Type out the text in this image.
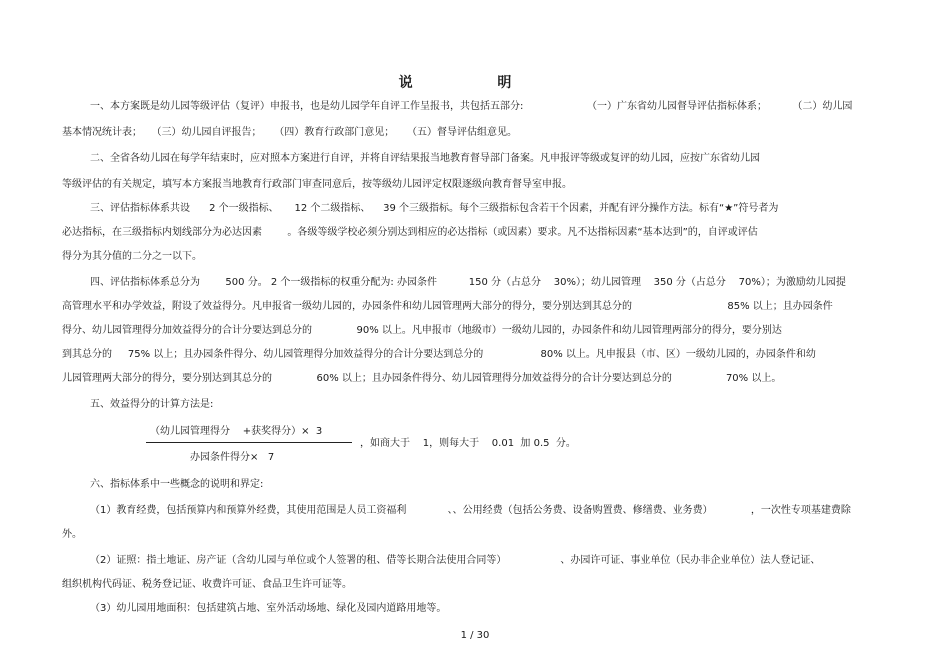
说 明
一、本方案既是幼儿园等级评估（复评）申报书，也是幼儿园学年自评工作呈报书，共包括五部分:                    （一）广东省幼儿园督导评估指标体系；        （二）幼儿园
基本情况统计表；   （三）幼儿园自评报告；    （四）教育行政部门意见；    （五）督导评估组意见。
二、全省各幼儿园在每学年结束时，应对照本方案进行自评，并将自评结果报当地教育督导部门备案。凡申报评等级或复评的幼儿园，应按广东省幼儿园
等级评估的有关规定，填写本方案报当地教育行政部门审查同意后，按等级幼儿园评定权限逐级向教育督导室申报。
三、评估指标体系共设      2 个一级指标、     12 个二级指标、    39 个三级指标。每个三级指标包含若干个因素，并配有评分操作方法。标有“★”符号者为
必达指标，在三级指标内划线部分为必达因素        。各级等级学校必须分别达到相应的必达指标（或因素）要求。凡不达指标因素“基本达到”的，自评或评估
得分为其分值的二分之一以下。
四、评估指标体系总分为        500 分。 2 个一级指标的权重分配为: 办园条件          150 分（占总分    30%）；幼儿园管理    350 分（占总分    70%）；为激励幼儿园提
高管理水平和办学效益，附设了效益得分。凡申报省一级幼儿园的，办园条件和幼儿园管理两大部分的得分，要分别达到其总分的                              85% 以上；且办园条件
得分、幼儿园管理得分加效益得分的合计分要达到总分的              90% 以上。凡申报市（地级市）一级幼儿园的，办园条件和幼儿园管理两部分的得分，要分别达
到其总分的     75% 以上；且办园条件得分、幼儿园管理得分加效益得分的合计分要达到总分的                  80% 以上。凡申报县（市、区）一级幼儿园的，办园条件和幼
儿园管理两大部分的得分，要分别达到其总分的              60% 以上；且办园条件得分、幼儿园管理得分加效益得分的合计分要达到总分的                 70% 以上。
五、效益得分的计算方法是:
（幼儿园管理得分    +获奖得分）×  3
，如商大于    1，则每大于    0.01  加 0.5  分。
办园条件得分×   7
六、指标体系中一些概念的说明和界定:
（1）教育经费，包括预算内和预算外经费，其使用范围是人员工资福利             、、公用经费（包括公务费、设备购置费、修缮费、业务费）            ，一次性专项基建费除
外。
（2）证照：指土地证、房产证（含幼儿园与单位或个人签署的租、借等长期合法使用合同等）                 、办园许可证、事业单位（民办非企业单位）法人登记证、
组织机构代码证、税务登记证、收费许可证、食品卫生许可证等。
（3）幼儿园用地面积：包括建筑占地、室外活动场地、绿化及园内道路用地等。
1 / 30
